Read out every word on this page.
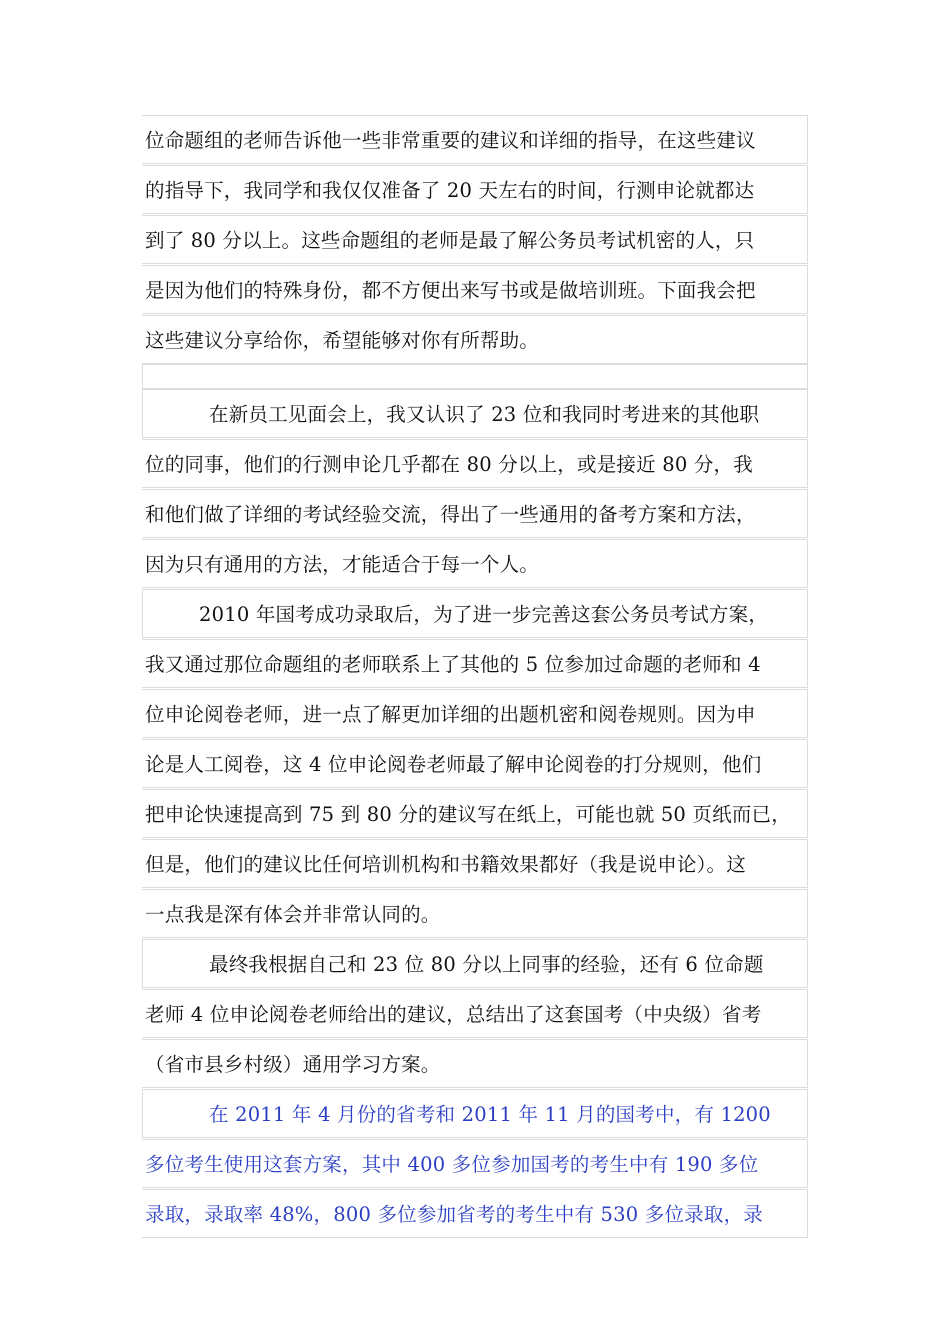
位命题组的老师告诉他一些非常重要的建议和详细的指导，在这些建议
的指导下，我同学和我仅仅准备了 20 天左右的时间，行测申论就都达
到了 80 分以上。这些命题组的老师是最了解公务员考试机密的人，只
是因为他们的特殊身份，都不方便出来写书或是做培训班。下面我会把
这些建议分享给你，希望能够对你有所帮助。
在新员工见面会上，我又认识了 23 位和我同时考进来的其他职
位的同事，他们的行测申论几乎都在 80 分以上，或是接近 80 分，我
和他们做了详细的考试经验交流，得出了一些通用的备考方案和方法，
因为只有通用的方法，才能适合于每一个人。
2010 年国考成功录取后，为了进一步完善这套公务员考试方案，
我又通过那位命题组的老师联系上了其他的 5 位参加过命题的老师和 4
位申论阅卷老师，进一点了解更加详细的出题机密和阅卷规则。因为申
论是人工阅卷，这 4 位申论阅卷老师最了解申论阅卷的打分规则，他们
把申论快速提高到 75 到 80 分的建议写在纸上，可能也就 50 页纸而已，
但是，他们的建议比任何培训机构和书籍效果都好（我是说申论）。这
一点我是深有体会并非常认同的。
最终我根据自己和 23 位 80 分以上同事的经验，还有 6 位命题
老师 4 位申论阅卷老师给出的建议，总结出了这套国考（中央级）省考
（省市县乡村级）通用学习方案。
在 2011 年 4 月份的省考和 2011 年 11 月的国考中，有 1200
多位考生使用这套方案，其中 400 多位参加国考的考生中有 190 多位
录取，录取率 48%，800 多位参加省考的考生中有 530 多位录取，录
